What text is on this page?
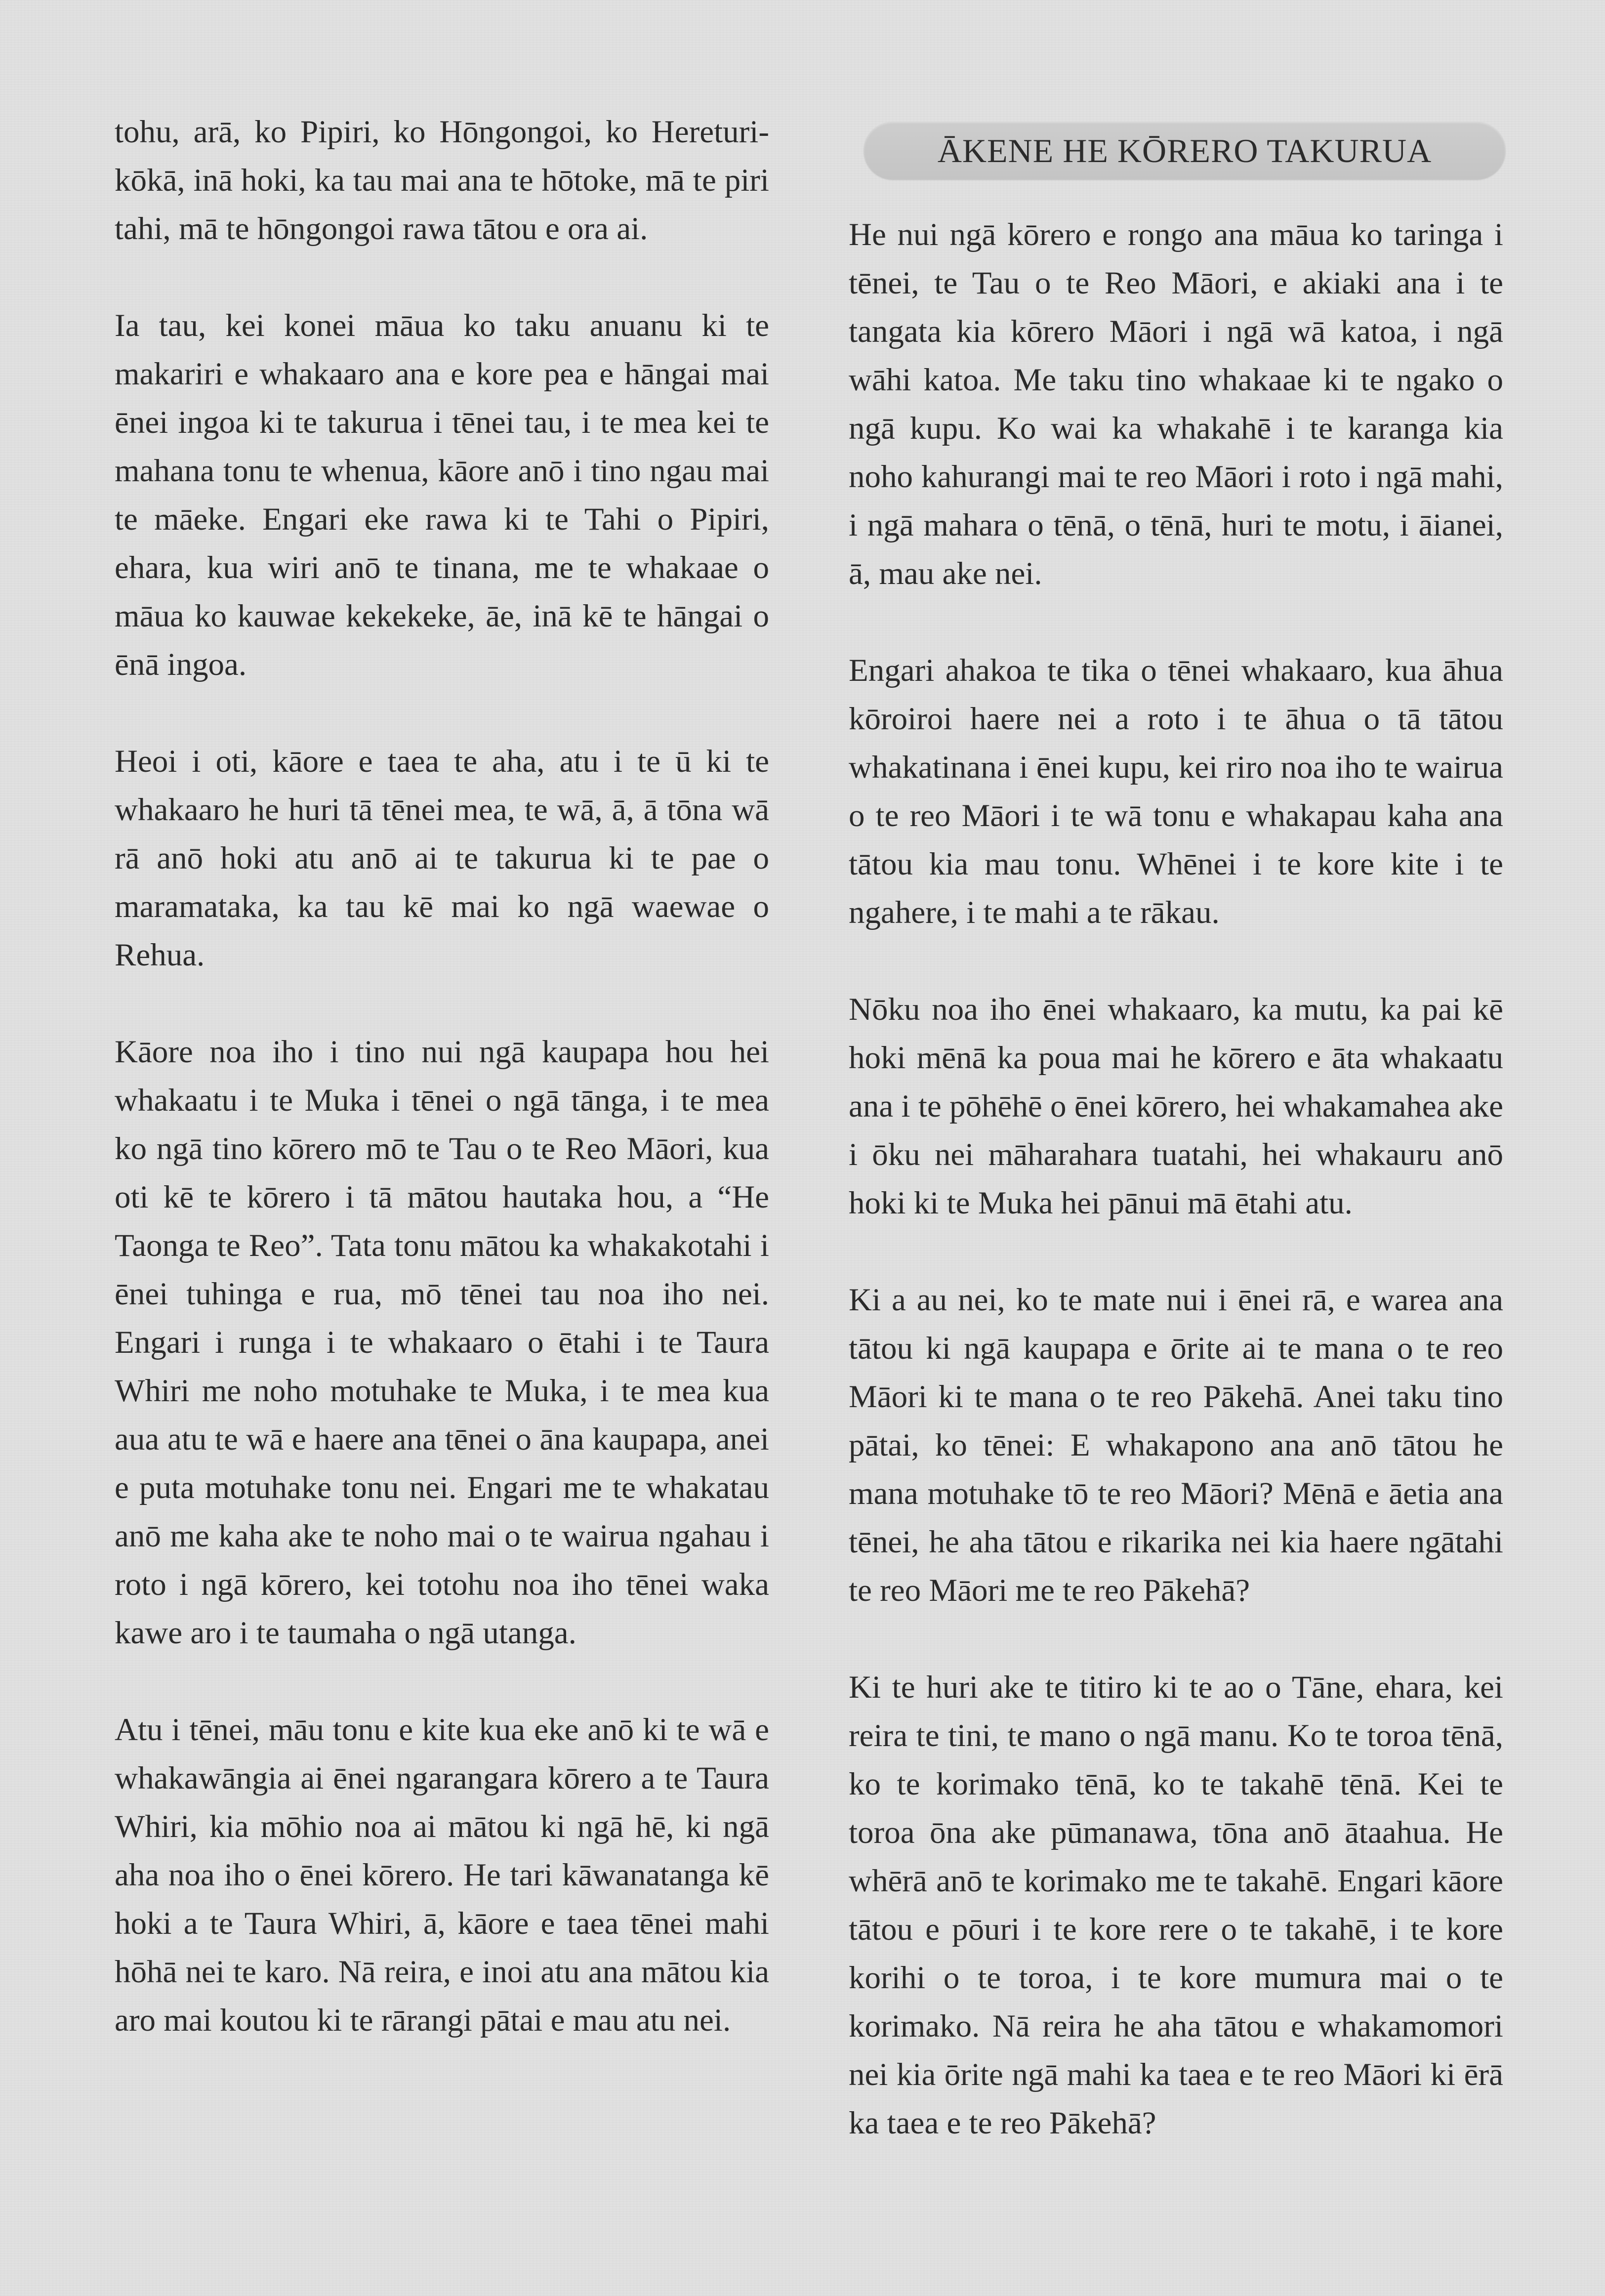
tohu, arā, ko Pipiri, ko Hōngongoi, ko Hereturi-kōkā, inā hoki, ka tau mai ana te hōtoke, mā te piri tahi, mā te hōngongoi rawa tātou e ora ai.

Ia tau, kei konei māua ko taku anuanu ki te makariri e whakaaro ana e kore pea e hāngai mai ēnei ingoa ki te takurua i tēnei tau, i te mea kei te mahana tonu te whenua, kāore anō i tino ngau mai te māeke. Engari eke rawa ki te Tahi o Pipiri, ehara, kua wiri anō te tinana, me te whakaae o māua ko kauwae kekekeke, āe, inā kē te hāngai o ēnā ingoa.

Heoi i oti, kāore e taea te aha, atu i te ū ki te whakaaro he huri tā tēnei mea, te wā, ā, ā tōna wā rā anō hoki atu anō ai te takurua ki te pae o maramataka, ka tau kē mai ko ngā waewae o Rehua.

Kāore noa iho i tino nui ngā kaupapa hou hei whakaatu i te Muka i tēnei o ngā tānga, i te mea ko ngā tino kōrero mō te Tau o te Reo Māori, kua oti kē te kōrero i tā mātou hautaka hou, a “He Taonga te Reo”. Tata tonu mātou ka whakakotahi i ēnei tuhinga e rua, mō tēnei tau noa iho nei. Engari i runga i te whakaaro o ētahi i te Taura Whiri me noho motuhake te Muka, i te mea kua aua atu te wā e haere ana tēnei o āna kaupapa, anei e puta motuhake tonu nei. Engari me te whakatau anō me kaha ake te noho mai o te wairua ngahau i roto i ngā kōrero, kei totohu noa iho tēnei waka kawe aro i te taumaha o ngā utanga.

Atu i tēnei, māu tonu e kite kua eke anō ki te wā e whakawāngia ai ēnei ngarangara kōrero a te Taura Whiri, kia mōhio noa ai mātou ki ngā hē, ki ngā aha noa iho o ēnei kōrero. He tari kāwanatanga kē hoki a te Taura Whiri, ā, kāore e taea tēnei mahi hōhā nei te karo. Nā reira, e inoi atu ana mātou kia aro mai koutou ki te rārangi pātai e mau atu nei.

ĀKENE HE KŌRERO TAKURUA

He nui ngā kōrero e rongo ana māua ko taringa i tēnei, te Tau o te Reo Māori, e akiaki ana i te tangata kia kōrero Māori i ngā wā katoa, i ngā wāhi katoa. Me taku tino whakaae ki te ngako o ngā kupu. Ko wai ka whakahē i te karanga kia noho kahurangi mai te reo Māori i roto i ngā mahi, i ngā mahara o tēnā, o tēnā, huri te motu, i āianei, ā, mau ake nei.

Engari ahakoa te tika o tēnei whakaaro, kua āhua kōroiroi haere nei a roto i te āhua o tā tātou whakatinana i ēnei kupu, kei riro noa iho te wairua o te reo Māori i te wā tonu e whakapau kaha ana tātou kia mau tonu. Whēnei i te kore kite i te ngahere, i te mahi a te rākau.

Nōku noa iho ēnei whakaaro, ka mutu, ka pai kē hoki mēnā ka poua mai he kōrero e āta whakaatu ana i te pōhēhē o ēnei kōrero, hei whakamahea ake i ōku nei māharahara tuatahi, hei whakauru anō hoki ki te Muka hei pānui mā ētahi atu.

Ki a au nei, ko te mate nui i ēnei rā, e warea ana tātou ki ngā kaupapa e ōrite ai te mana o te reo Māori ki te mana o te reo Pākehā. Anei taku tino pātai, ko tēnei: E whakapono ana anō tātou he mana motuhake tō te reo Māori? Mēnā e āetia ana tēnei, he aha tātou e rikarika nei kia haere ngātahi te reo Māori me te reo Pākehā?

Ki te huri ake te titiro ki te ao o Tāne, ehara, kei reira te tini, te mano o ngā manu. Ko te toroa tēnā, ko te korimako tēnā, ko te takahē tēnā. Kei te toroa ōna ake pūmanawa, tōna anō ātaahua. He whērā anō te korimako me te takahē. Engari kāore tātou e pōuri i te kore rere o te takahē, i te kore korihi o te toroa, i te kore mumura mai o te korimako. Nā reira he aha tātou e whakamomori nei kia ōrite ngā mahi ka taea e te reo Māori ki ērā ka taea e te reo Pākehā?
